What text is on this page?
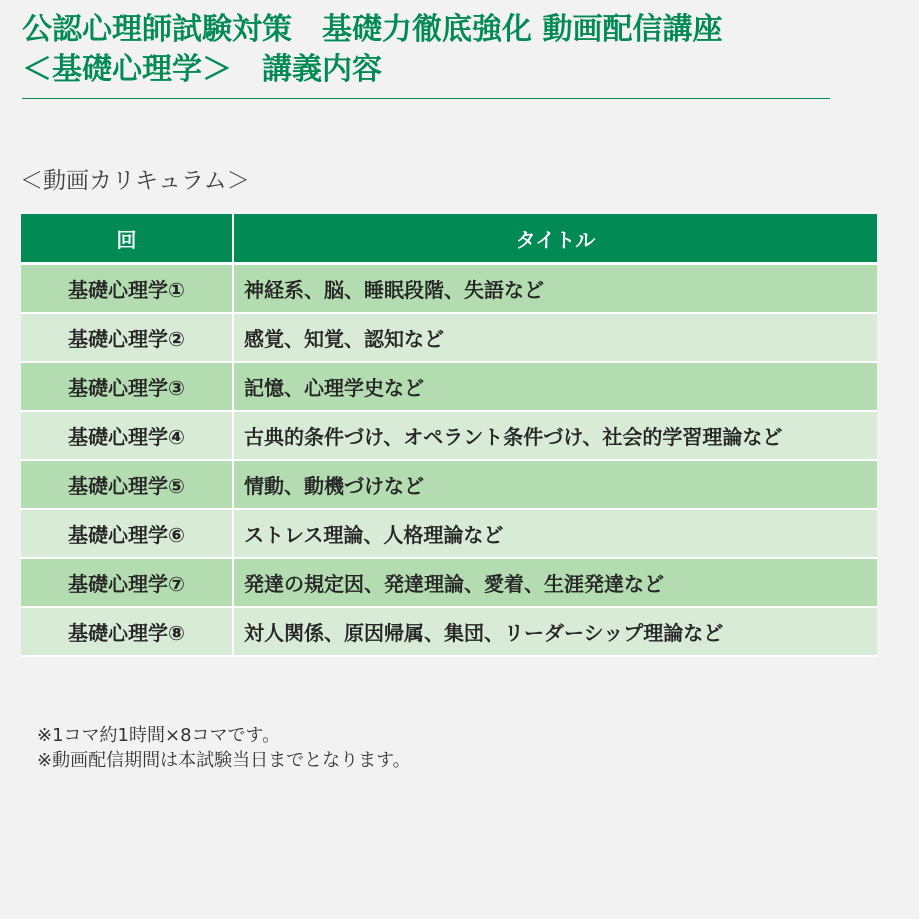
公認心理師試験対策　基礎力徹底強化 動画配信講座
＜基礎心理学＞　講義内容
＜動画カリキュラム＞
回	タイトル
基礎心理学①	神経系、脳、睡眠段階、失語など
基礎心理学②	感覚、知覚、認知など
基礎心理学③	記憶、心理学史など
基礎心理学④	古典的条件づけ、オペラント条件づけ、社会的学習理論など
基礎心理学⑤	情動、動機づけなど
基礎心理学⑥	ストレス理論、人格理論など
基礎心理学⑦	発達の規定因、発達理論、愛着、生涯発達など
基礎心理学⑧	対人関係、原因帰属、集団、リーダーシップ理論など
※1コマ約1時間×8コマです。
※動画配信期間は本試験当日までとなります。
